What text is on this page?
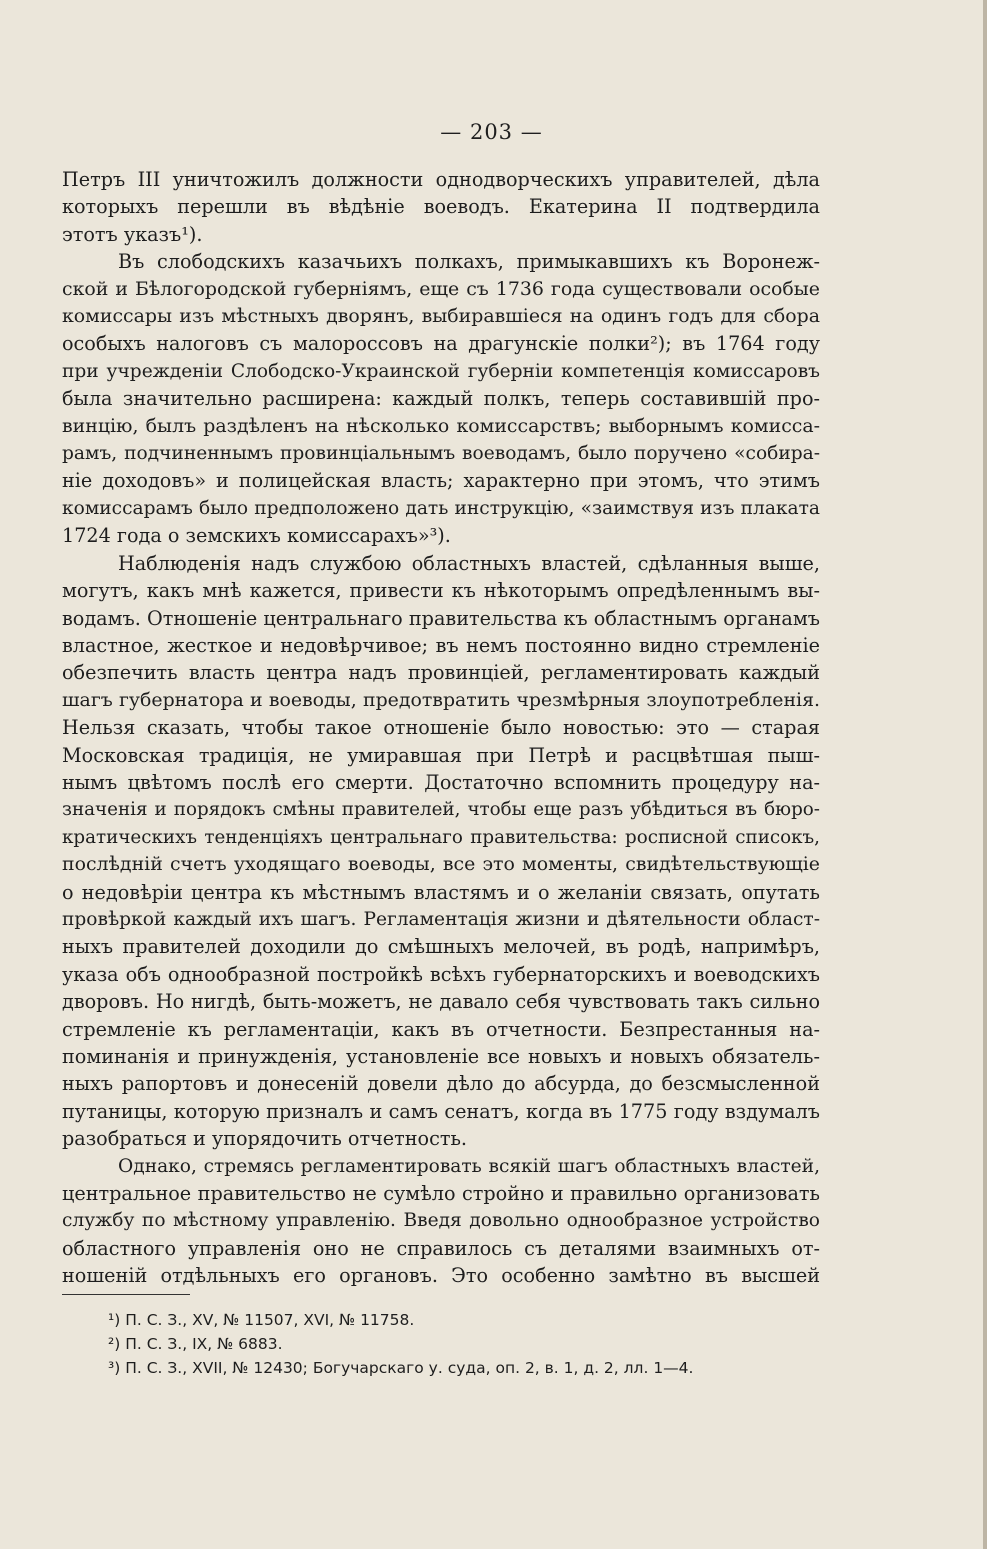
— 203 —
Петръ III уничтожилъ должности однодворческихъ управителей, дѣла
которыхъ перешли въ вѣдѣніе воеводъ. Екатерина II подтвердила
этотъ указъ¹).
Въ слободскихъ казачьихъ полкахъ, примыкавшихъ къ Воронеж-
ской и Бѣлогородской губерніямъ, еще съ 1736 года существовали особые
комиссары изъ мѣстныхъ дворянъ, выбиравшіеся на одинъ годъ для сбора
особыхъ налоговъ съ малороссовъ на драгунскіе полки²); въ 1764 году
при учрежденіи Слободско-Украинской губерніи компетенція комиссаровъ
была значительно расширена: каждый полкъ, теперь составившій про-
винцію, былъ раздѣленъ на нѣсколько комиссарствъ; выборнымъ комисса-
рамъ, подчиненнымъ провинціальнымъ воеводамъ, было поручено «собира-
ніе доходовъ» и полицейская власть; характерно при этомъ, что этимъ
комиссарамъ было предположено дать инструкцію, «заимствуя изъ плаката
1724 года о земскихъ комиссарахъ»³).
Наблюденія надъ службою областныхъ властей, сдѣланныя выше,
могутъ, какъ мнѣ кажется, привести къ нѣкоторымъ опредѣленнымъ вы-
водамъ. Отношеніе центральнаго правительства къ областнымъ органамъ
властное, жесткое и недовѣрчивое; въ немъ постоянно видно стремленіе
обезпечить власть центра надъ провинціей, регламентировать каждый
шагъ губернатора и воеводы, предотвратить чрезмѣрныя злоупотребленія.
Нельзя сказать, чтобы такое отношеніе было новостью: это — старая
Московская традиція, не умиравшая при Петрѣ и расцвѣтшая пыш-
нымъ цвѣтомъ послѣ его смерти. Достаточно вспомнить процедуру на-
значенія и порядокъ смѣны правителей, чтобы еще разъ убѣдиться въ бюро-
кратическихъ тенденціяхъ центральнаго правительства: росписной списокъ,
послѣдній счетъ уходящаго воеводы, все это моменты, свидѣтельствующіе
о недовѣріи центра къ мѣстнымъ властямъ и о желаніи связать, опутать
провѣркой каждый ихъ шагъ. Регламентація жизни и дѣятельности област-
ныхъ правителей доходили до смѣшныхъ мелочей, въ родѣ, напримѣръ,
указа объ однообразной постройкѣ всѣхъ губернаторскихъ и воеводскихъ
дворовъ. Но нигдѣ, быть-можетъ, не давало себя чувствовать такъ сильно
стремленіе къ регламентаціи, какъ въ отчетности. Безпрестанныя на-
поминанія и принужденія, установленіе все новыхъ и новыхъ обязатель-
ныхъ рапортовъ и донесеній довели дѣло до абсурда, до безсмысленной
путаницы, которую призналъ и самъ сенатъ, когда въ 1775 году вздумалъ
разобраться и упорядочить отчетность.
Однако, стремясь регламентировать всякій шагъ областныхъ властей,
центральное правительство не сумѣло стройно и правильно организовать
службу по мѣстному управленію. Введя довольно однообразное устройство
областного управленія оно не справилось съ деталями взаимныхъ от-
ношеній отдѣльныхъ его органовъ. Это особенно замѣтно въ высшей
¹) П. С. З., XV, № 11507, XVI, № 11758.
²) П. С. З., IX, № 6883.
³) П. С. З., XVII, № 12430; Богучарскаго у. суда, оп. 2, в. 1, д. 2, лл. 1—4.
